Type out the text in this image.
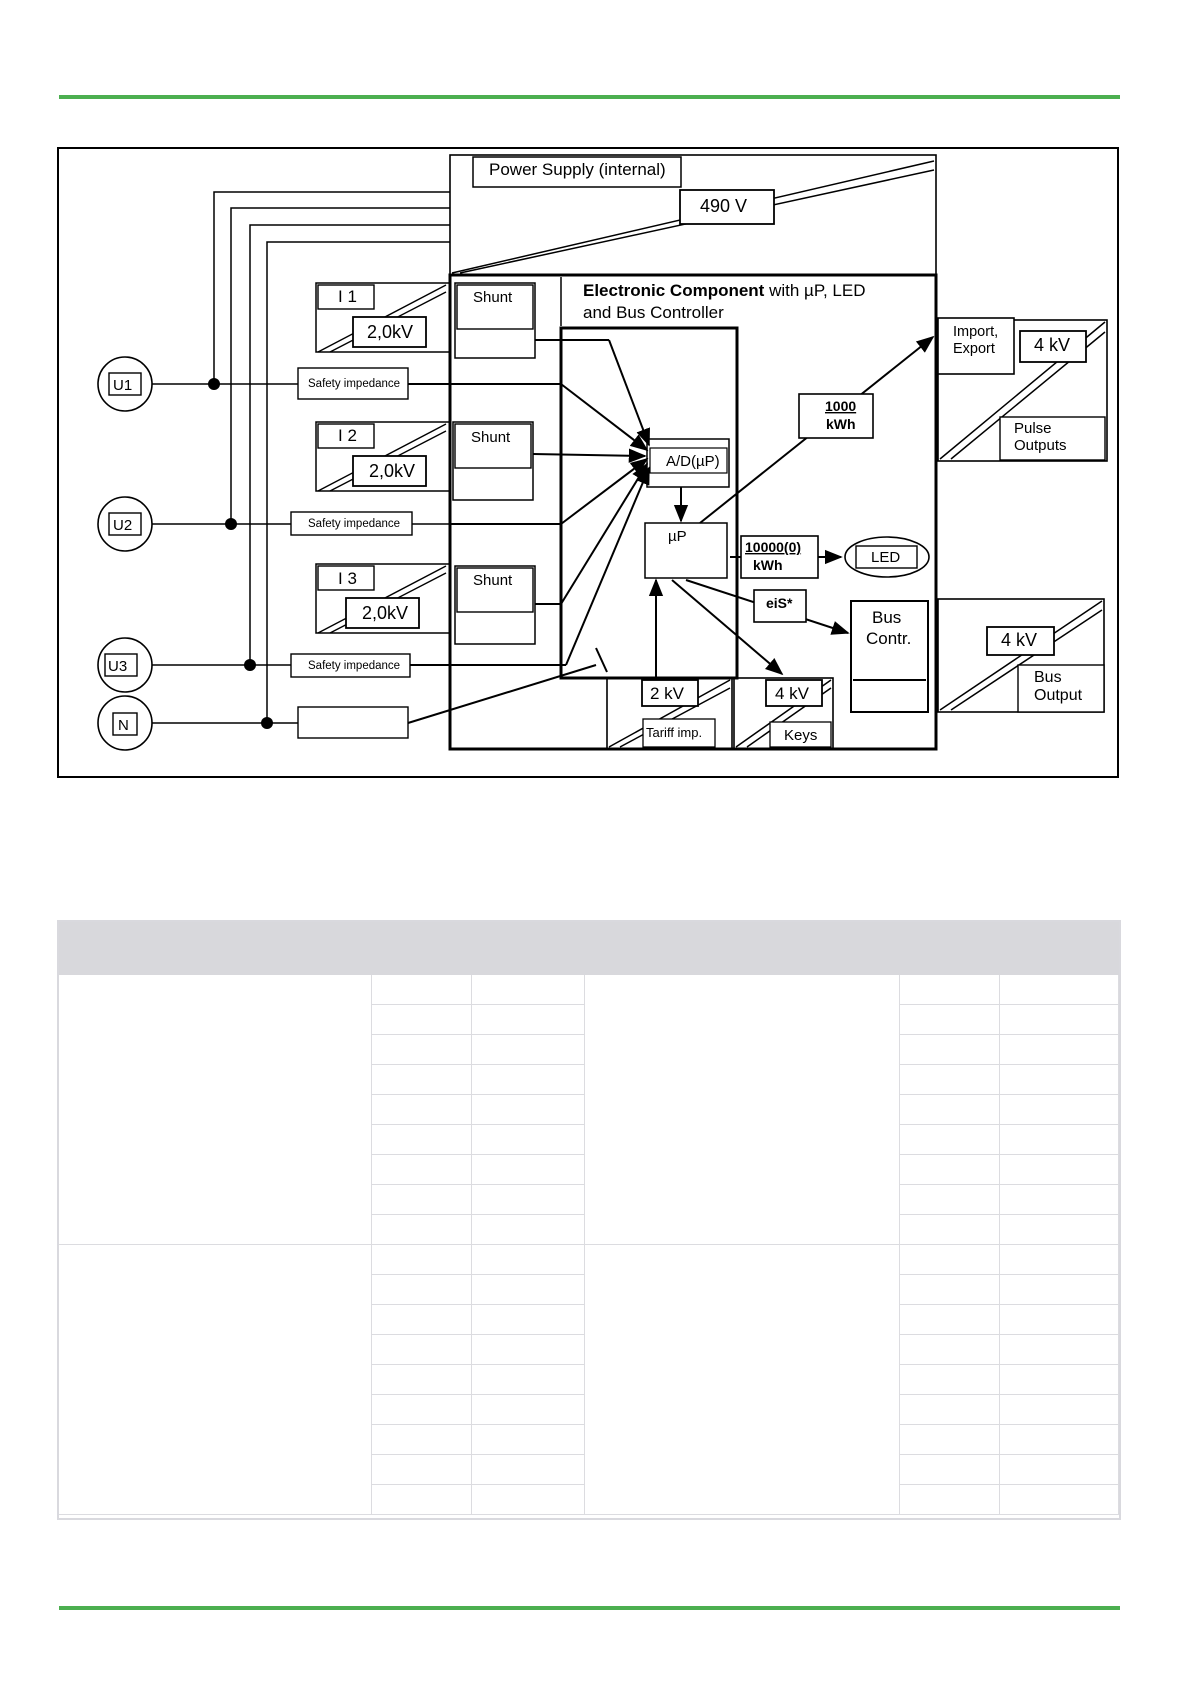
Power Supply (internal)
490 V
Electronic Component with µP, LED
and Bus Controller
U1
U2
U3
N
Safety impedance
Safety impedance
Safety impedance
I 1
2,0kV
Shunt
I 2
2,0kV
Shunt
I 3
2,0kV
Shunt
A/D(µP)
µP
1000
kWh
10000(0)
kWh	LED
eiS*
Bus
Contr.
Import,
Export 4 kV
Pulse
Outputs
4 kV
Bus
Output
2 kV
Tariff imp.
4 kV
Keys
